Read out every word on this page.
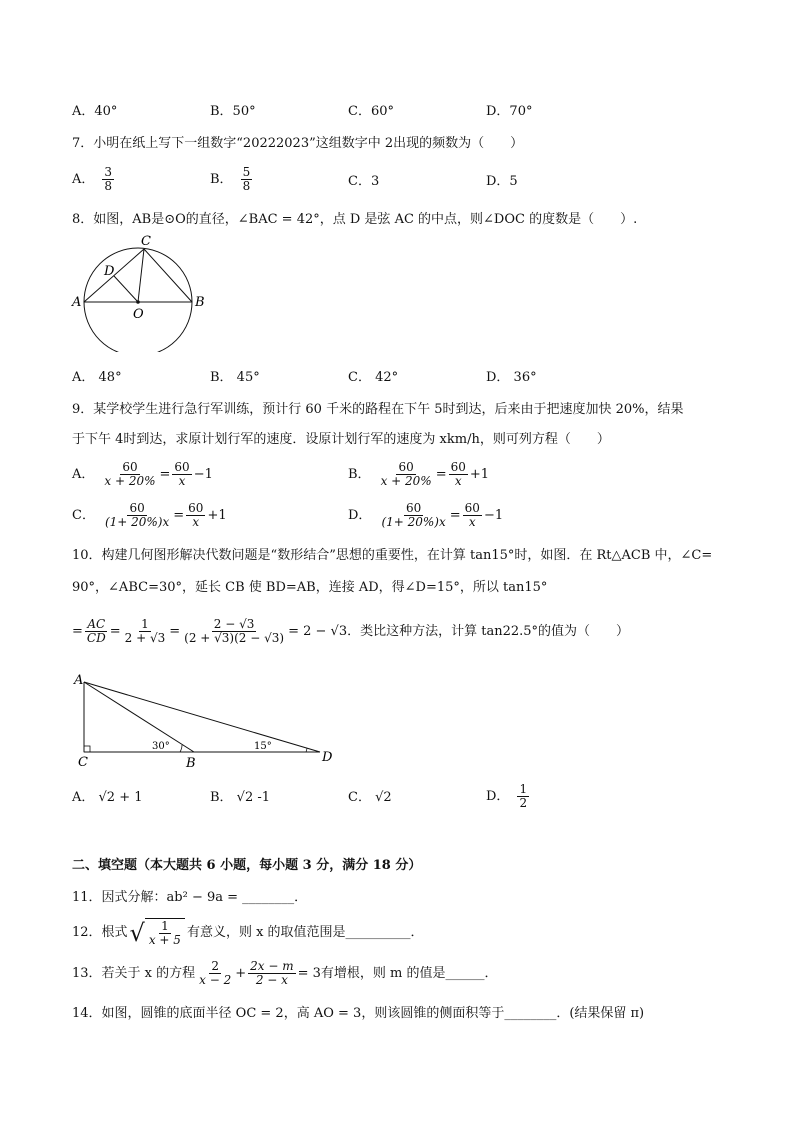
A．40°	B．50°	C．60°	D．70°
7．小明在纸上写下一组数字“20222023”这组数字中 2出现的频数为（　　）
A． $\frac{3}{8}$	B． $\frac{5}{8}$	C．3	D．5
8．如图，AB是⊙O的直径，∠BAC = 42°，点 D 是弦 AC 的中点，则∠DOC 的度数是（　　）.
A	B
C
D
O
A． 48°	B． 45°	C． 42°	D． 36°
9．某学校学生进行急行军训练，预计行 60 千米的路程在下午 5时到达，后来由于把速度加快 20%，结果
于下午 4时到达，求原计划行军的速度．设原计划行军的速度为 xkm/h，则可列方程（　　）
A． $\frac{60}{x + 20\%} = \frac{60}{x} -1$	B． $\frac{60}{x + 20\%} = \frac{60}{x} +1$
C． $\frac{60}{(1+ 20\%)x} = \frac{60}{x} +1$	D． $\frac{60}{(1+ 20\%)x} = \frac{60}{x} -1$
10．构建几何图形解决代数问题是“数形结合”思想的重要性，在计算 tan15°时，如图．在 Rt△ACB 中，∠C=
90°，∠ABC=30°，延长 CB 使 BD=AB，连接 AD，得∠D=15°，所以 tan15°
= $\frac{AC}{CD} = \frac{1}{2 + √3} = \frac{2 - √3}{(2 + √3)(2 - √3)} = 2 - √3$ ．类比这种方法，计算 tan22.5°的值为（　　）
A
C	B	D
30°	15°
A． √2 + 1	B． √2 -1	C． √2	D． $\frac{1}{2}$
二、填空题（本大题共 6 小题，每小题 3 分，满分 18 分）
11．因式分解：ab² − 9a = ________．
12．根式 √ $\frac{1}{x + 5}$ 有意义，则 x 的取值范围是__________．
13．若关于 x 的方程 $\frac{2}{x - 2} + \frac{2x - m}{2 - x} = 3$有增根，则 m 的值是______．
14．如图，圆锥的底面半径 OC = 2，高 AO = 3，则该圆锥的侧面积等于________．(结果保留 π)
